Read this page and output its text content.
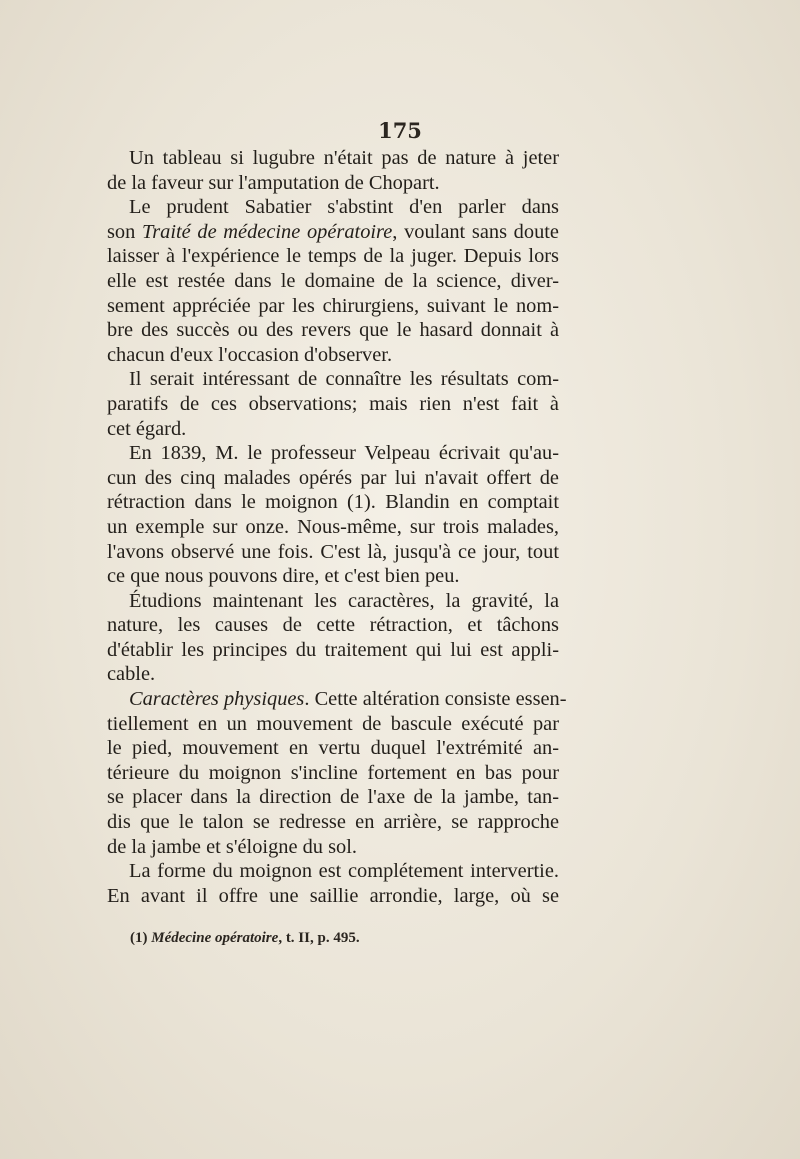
175
Un tableau si lugubre n'était pas de nature à jeter
de la faveur sur l'amputation de Chopart.
Le prudent Sabatier s'abstint d'en parler dans
son Traité de médecine opératoire, voulant sans doute
laisser à l'expérience le temps de la juger. Depuis lors
elle est restée dans le domaine de la science, diver-
sement appréciée par les chirurgiens, suivant le nom-
bre des succès ou des revers que le hasard donnait à
chacun d'eux l'occasion d'observer.
Il serait intéressant de connaître les résultats com-
paratifs de ces observations; mais rien n'est fait à
cet égard.
En 1839, M. le professeur Velpeau écrivait qu'au-
cun des cinq malades opérés par lui n'avait offert de
rétraction dans le moignon (1). Blandin en comptait
un exemple sur onze. Nous-même, sur trois malades,
l'avons observé une fois. C'est là, jusqu'à ce jour, tout
ce que nous pouvons dire, et c'est bien peu.
Étudions maintenant les caractères, la gravité, la
nature, les causes de cette rétraction, et tâchons
d'établir les principes du traitement qui lui est appli-
cable.
Caractères physiques. Cette altération consiste essen-
tiellement en un mouvement de bascule exécuté par
le pied, mouvement en vertu duquel l'extrémité an-
térieure du moignon s'incline fortement en bas pour
se placer dans la direction de l'axe de la jambe, tan-
dis que le talon se redresse en arrière, se rapproche
de la jambe et s'éloigne du sol.
La forme du moignon est complétement intervertie.
En avant il offre une saillie arrondie, large, où se
(1) Médecine opératoire, t. II, p. 495.
